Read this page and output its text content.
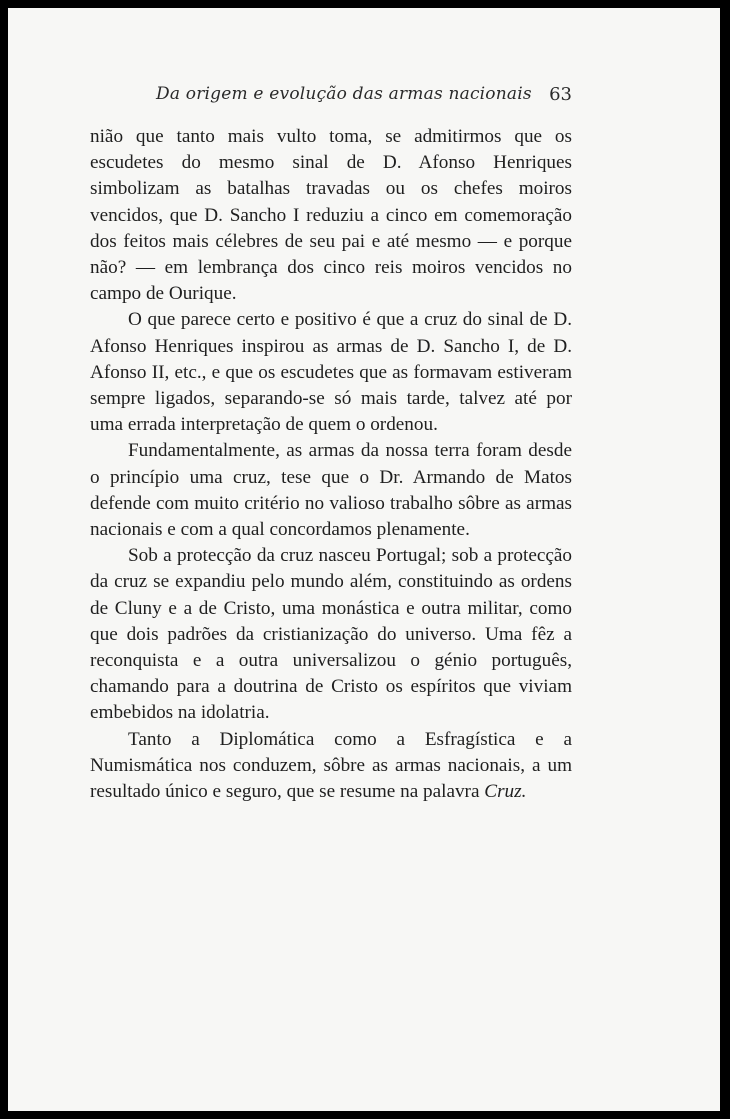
Da origem e evolução das armas nacionais 63

nião que tanto mais vulto toma, se admitirmos que os escudetes do mesmo sinal de D. Afonso Henriques simbolizam as batalhas travadas ou os chefes moiros vencidos, que D. Sancho I reduziu a cinco em comemoração dos feitos mais célebres de seu pai e até mesmo — e porque não? — em lembrança dos cinco reis moiros vencidos no campo de Ourique.

O que parece certo e positivo é que a cruz do sinal de D. Afonso Henriques inspirou as armas de D. Sancho I, de D. Afonso II, etc., e que os escudetes que as formavam estiveram sempre ligados, separando-se só mais tarde, talvez até por uma errada interpretação de quem o ordenou.

Fundamentalmente, as armas da nossa terra foram desde o princípio uma cruz, tese que o Dr. Armando de Matos defende com muito critério no valioso trabalho sôbre as armas nacionais e com a qual concordamos plenamente.

Sob a protecção da cruz nasceu Portugal; sob a protecção da cruz se expandiu pelo mundo além, constituindo as ordens de Cluny e a de Cristo, uma monástica e outra militar, como que dois padrões da cristianização do universo. Uma fêz a reconquista e a outra universalizou o génio português, chamando para a doutrina de Cristo os espíritos que viviam embebidos na idolatria.

Tanto a Diplomática como a Esfragística e a Numismática nos conduzem, sôbre as armas nacionais, a um resultado único e seguro, que se resume na palavra Cruz.
